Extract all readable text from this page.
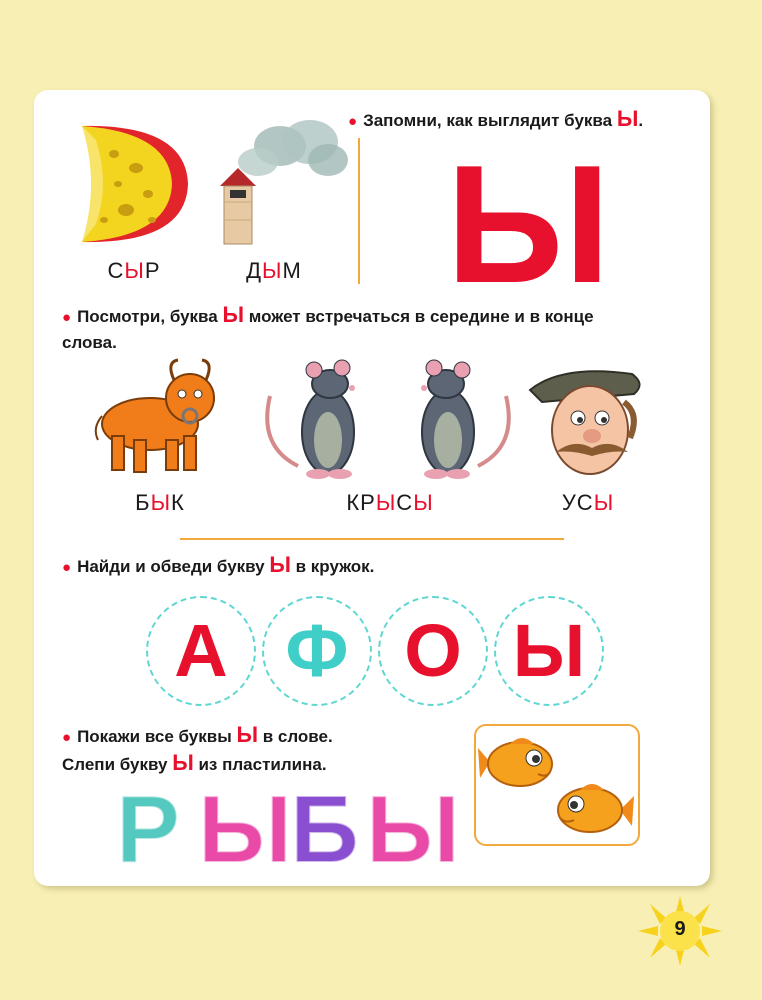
СЫР	ДЫМ
● Запомни, как выглядит буква Ы.
Ы
● Посмотри, буква Ы может встречаться в середине и в конце
слова.
БЫК	КРЫСЫ	УСЫ
● Найди и обведи букву Ы в кружок.
А Ф О Ы
● Покажи все буквы Ы в слове.
Слепи букву Ы из пластилина.
Р Ы
Б Ы
9
